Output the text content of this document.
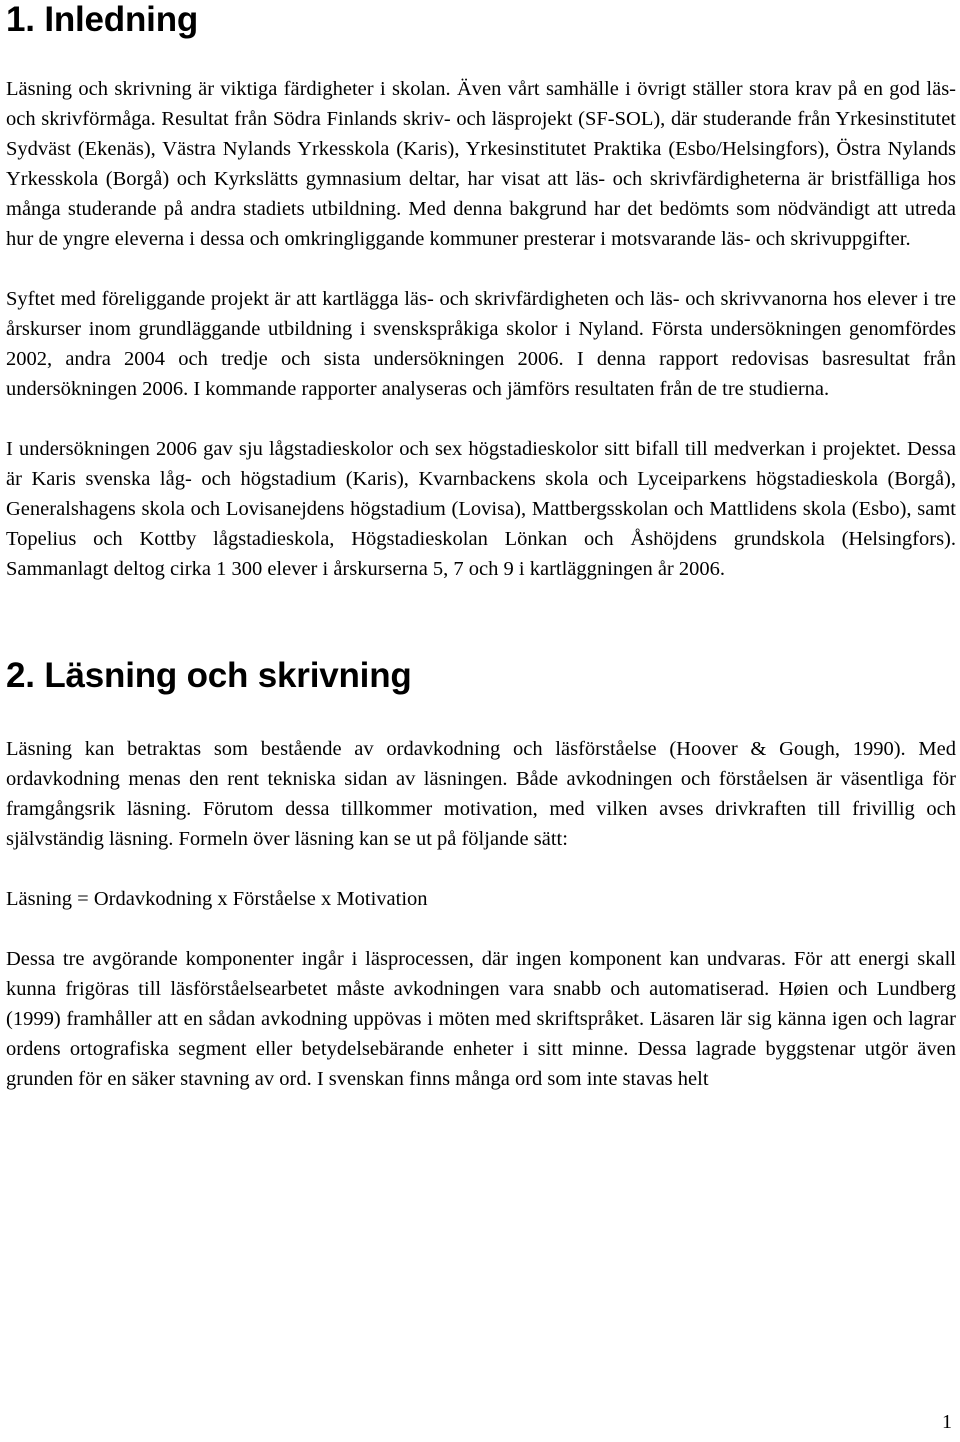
1. Inledning

Läsning och skrivning är viktiga färdigheter i skolan. Även vårt samhälle i övrigt ställer stora krav på en god läs- och skrivförmåga. Resultat från Södra Finlands skriv- och läsprojekt (SF-SOL), där studerande från Yrkesinstitutet Sydväst (Ekenäs), Västra Nylands Yrkesskola (Karis), Yrkesinstitutet Praktika (Esbo/Helsingfors), Östra Nylands Yrkesskola (Borgå) och Kyrkslätts gymnasium deltar, har visat att läs- och skrivfärdigheterna är bristfälliga hos många studerande på andra stadiets utbildning. Med denna bakgrund har det bedömts som nödvändigt att utreda hur de yngre eleverna i dessa och omkringliggande kommuner presterar i motsvarande läs- och skrivuppgifter.

Syftet med föreliggande projekt är att kartlägga läs- och skrivfärdigheten och läs- och skrivvanorna hos elever i tre årskurser inom grundläggande utbildning i svenskspråkiga skolor i Nyland. Första undersökningen genomfördes 2002, andra 2004 och tredje och sista undersökningen 2006. I denna rapport redovisas basresultat från undersökningen 2006. I kommande rapporter analyseras och jämförs resultaten från de tre studierna.

I undersökningen 2006 gav sju lågstadieskolor och sex högstadieskolor sitt bifall till medverkan i projektet. Dessa är Karis svenska låg- och högstadium (Karis), Kvarnbackens skola och Lyceiparkens högstadieskola (Borgå), Generalshagens skola och Lovisanejdens högstadium (Lovisa), Mattbergsskolan och Mattlidens skola (Esbo), samt Topelius och Kottby lågstadieskola, Högstadieskolan Lönkan och Åshöjdens grundskola (Helsingfors). Sammanlagt deltog cirka 1 300 elever i årskurserna 5, 7 och 9 i kartläggningen år 2006.

2. Läsning och skrivning

Läsning kan betraktas som bestående av ordavkodning och läsförståelse (Hoover & Gough, 1990). Med ordavkodning menas den rent tekniska sidan av läsningen. Både avkodningen och förståelsen är väsentliga för framgångsrik läsning. Förutom dessa tillkommer motivation, med vilken avses drivkraften till frivillig och självständig läsning. Formeln över läsning kan se ut på följande sätt:

Läsning = Ordavkodning x Förståelse x Motivation

Dessa tre avgörande komponenter ingår i läsprocessen, där ingen komponent kan undvaras. För att energi skall kunna frigöras till läsförståelsearbetet måste avkodningen vara snabb och automatiserad. Høien och Lundberg (1999) framhåller att en sådan avkodning uppövas i möten med skriftspråket. Läsaren lär sig känna igen och lagrar ordens ortografiska segment eller betydelsebärande enheter i sitt minne. Dessa lagrade byggstenar utgör även grunden för en säker stavning av ord. I svenskan finns många ord som inte stavas helt

1
